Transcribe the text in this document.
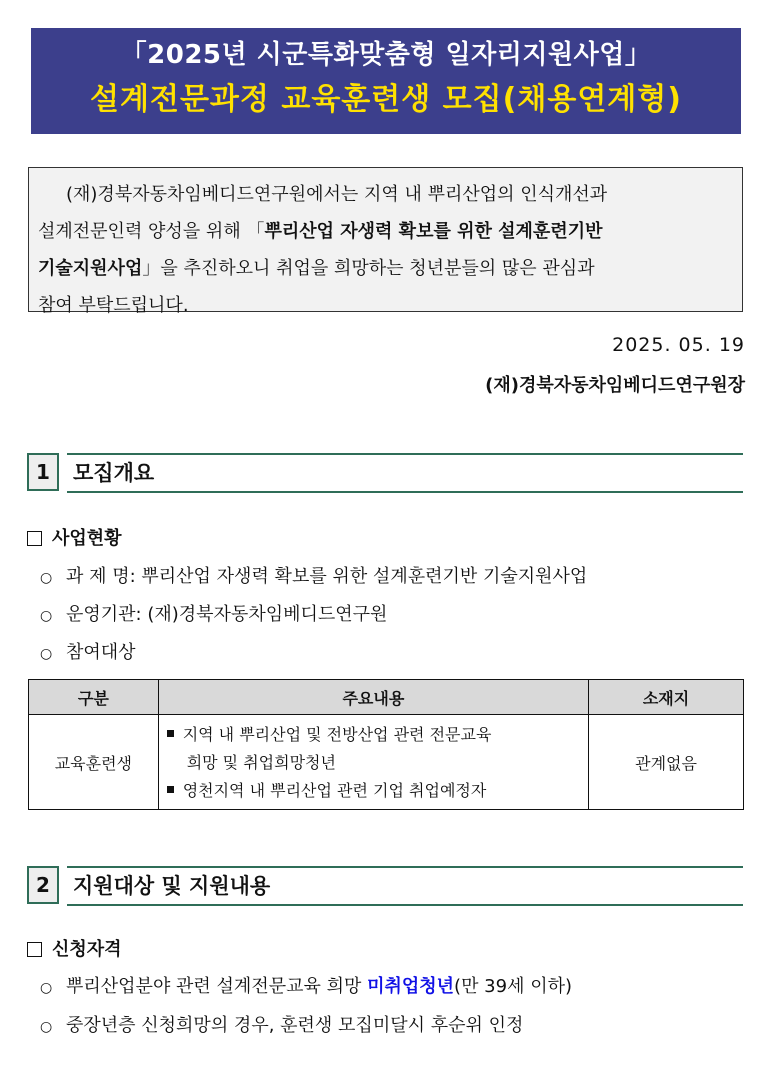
「2025년 시군특화맞춤형 일자리지원사업」
설계전문과정 교육훈련생 모집(채용연계형)
(재)경북자동차임베디드연구원에서는 지역 내 뿌리산업의 인식개선과
설계전문인력 양성을 위해 「뿌리산업 자생력 확보를 위한 설계훈련기반
기술지원사업」을 추진하오니 취업을 희망하는 청년분들의 많은 관심과
참여 부탁드립니다.
2025. 05. 19
(재)경북자동차임베디드연구원장
1	모집개요
사업현황
○ 과 제 명: 뿌리산업 자생력 확보를 위한 설계훈련기반 기술지원사업
○ 운영기관: (재)경북자동차임베디드연구원
○ 참여대상
구분	주요내용	소재지
교육훈련생	지역 내 뿌리산업 및 전방산업 관련 전문교육
희망 및 취업희망청년
영천지역 내 뿌리산업 관련 기업 취업예정자	관계없음
2	지원대상 및 지원내용
신청자격
○ 뿌리산업분야 관련 설계전문교육 희망 미취업청년(만 39세 이하)
○ 중장년층 신청희망의 경우, 훈련생 모집미달시 후순위 인정
